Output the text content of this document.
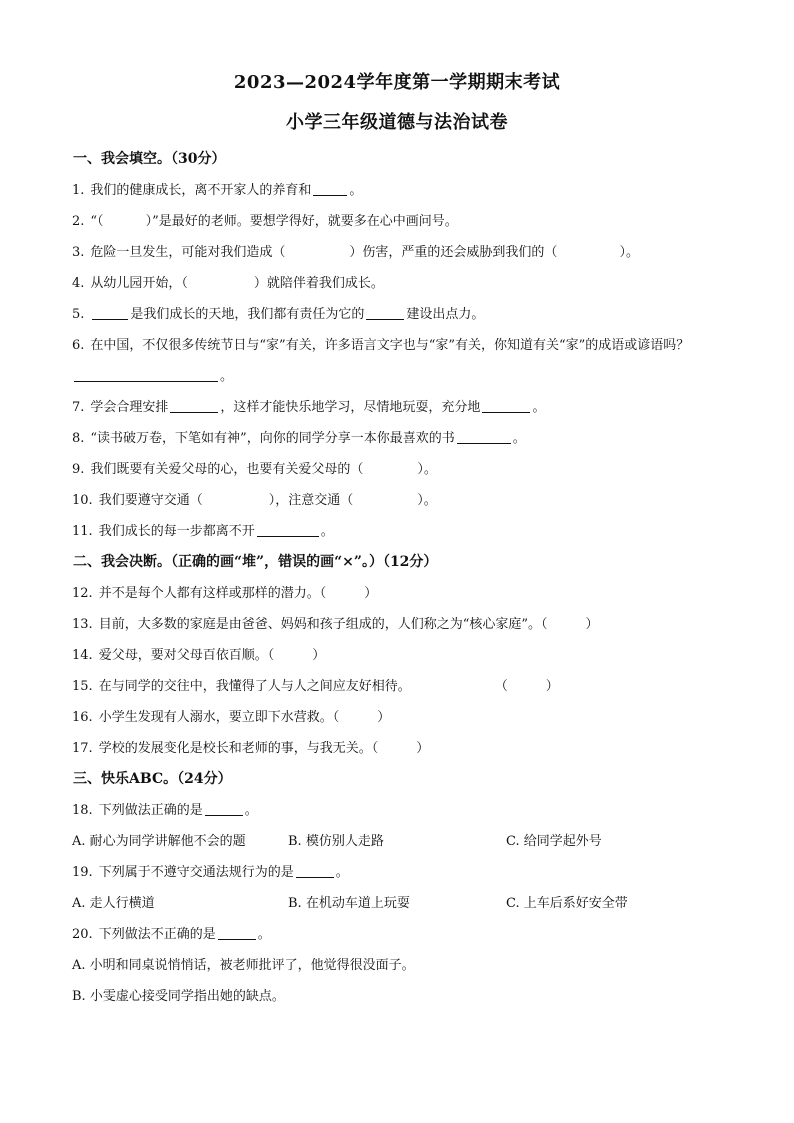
2023—2024学年度第一学期期末考试
小学三年级道德与法治试卷
一、我会填空。（30分）
1. 我们的健康成长，离不开家人的养育和	。
2. “（	）”是最好的老师。要想学得好，就要多在心中画问号。
3. 危险一旦发生，可能对我们造成（	）伤害，严重的还会威胁到我们的（	）。
4. 从幼儿园开始，（	）就陪伴着我们成长。
5.	是我们成长的天地，我们都有责任为它的	建设出点力。
6. 在中国，不仅很多传统节日与“家”有关，许多语言文字也与“家”有关，你知道有关“家”的成语或谚语吗？。
7. 学会合理安排	，这样才能快乐地学习，尽情地玩耍，充分地	。
8. “读书破万卷，下笔如有神”，向你的同学分享一本你最喜欢的书	。
9. 我们既要有关爱父母的心，也要有关爱父母的（	）。
10. 我们要遵守交通（	），注意交通（	）。
11. 我们成长的每一步都离不开	。
二、我会决断。（正确的画“堆”，错误的画“×”。）（12分）
12. 并不是每个人都有这样或那样的潜力。（	）
13. 目前，大多数的家庭是由爸爸、妈妈和孩子组成的，人们称之为“核心家庭”。（	）
14. 爱父母，要对父母百依百顺。（	）
15. 在与同学的交往中，我懂得了人与人之间应友好相待。	（	）
16. 小学生发现有人溺水，要立即下水营救。（	）
17. 学校的发展变化是校长和老师的事，与我无关。（	）
三、快乐ABC。（24分）
18. 下列做法正确的是	。
A. 耐心为同学讲解他不会的题	B. 模仿别人走路	C. 给同学起外号
19. 下列属于不遵守交通法规行为的是	。
A. 走人行横道	B. 在机动车道上玩耍	C. 上车后系好安全带
20. 下列做法不正确的是	。
A. 小明和同桌说悄悄话，被老师批评了，他觉得很没面子。
B. 小雯虚心接受同学指出她的缺点。
